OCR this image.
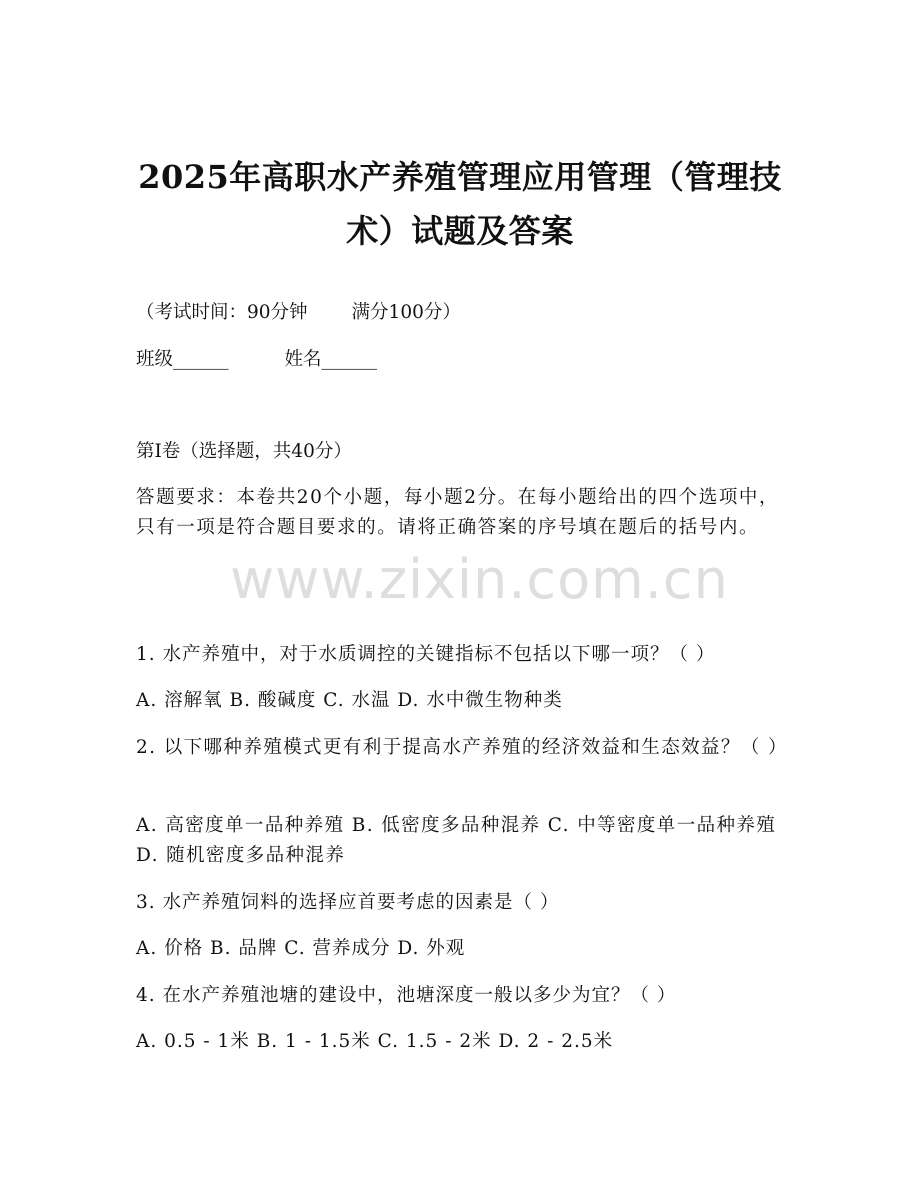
2025年高职水产养殖管理应用管理（管理技
术）试题及答案

（考试时间：90分钟 满分100分）

班级______	姓名______

第I卷（选择题，共40分）

答题要求：本卷共20个小题，每小题2分。在每小题给出的四个选项中，只有一项是符合题目要求的。请将正确答案的序号填在题后的括号内。

1. 水产养殖中，对于水质调控的关键指标不包括以下哪一项？（ ）

A. 溶解氧 B. 酸碱度 C. 水温 D. 水中微生物种类

2. 以下哪种养殖模式更有利于提高水产养殖的经济效益和生态效益？（ ）

A. 高密度单一品种养殖 B. 低密度多品种混养 C. 中等密度单一品种养殖 D. 随机密度多品种混养

3. 水产养殖饲料的选择应首要考虑的因素是（ ）

A. 价格 B. 品牌 C. 营养成分 D. 外观

4. 在水产养殖池塘的建设中，池塘深度一般以多少为宜？（ ）

A. 0.5 - 1米 B. 1 - 1.5米 C. 1.5 - 2米 D. 2 - 2.5米

www.zixin.com.cn
